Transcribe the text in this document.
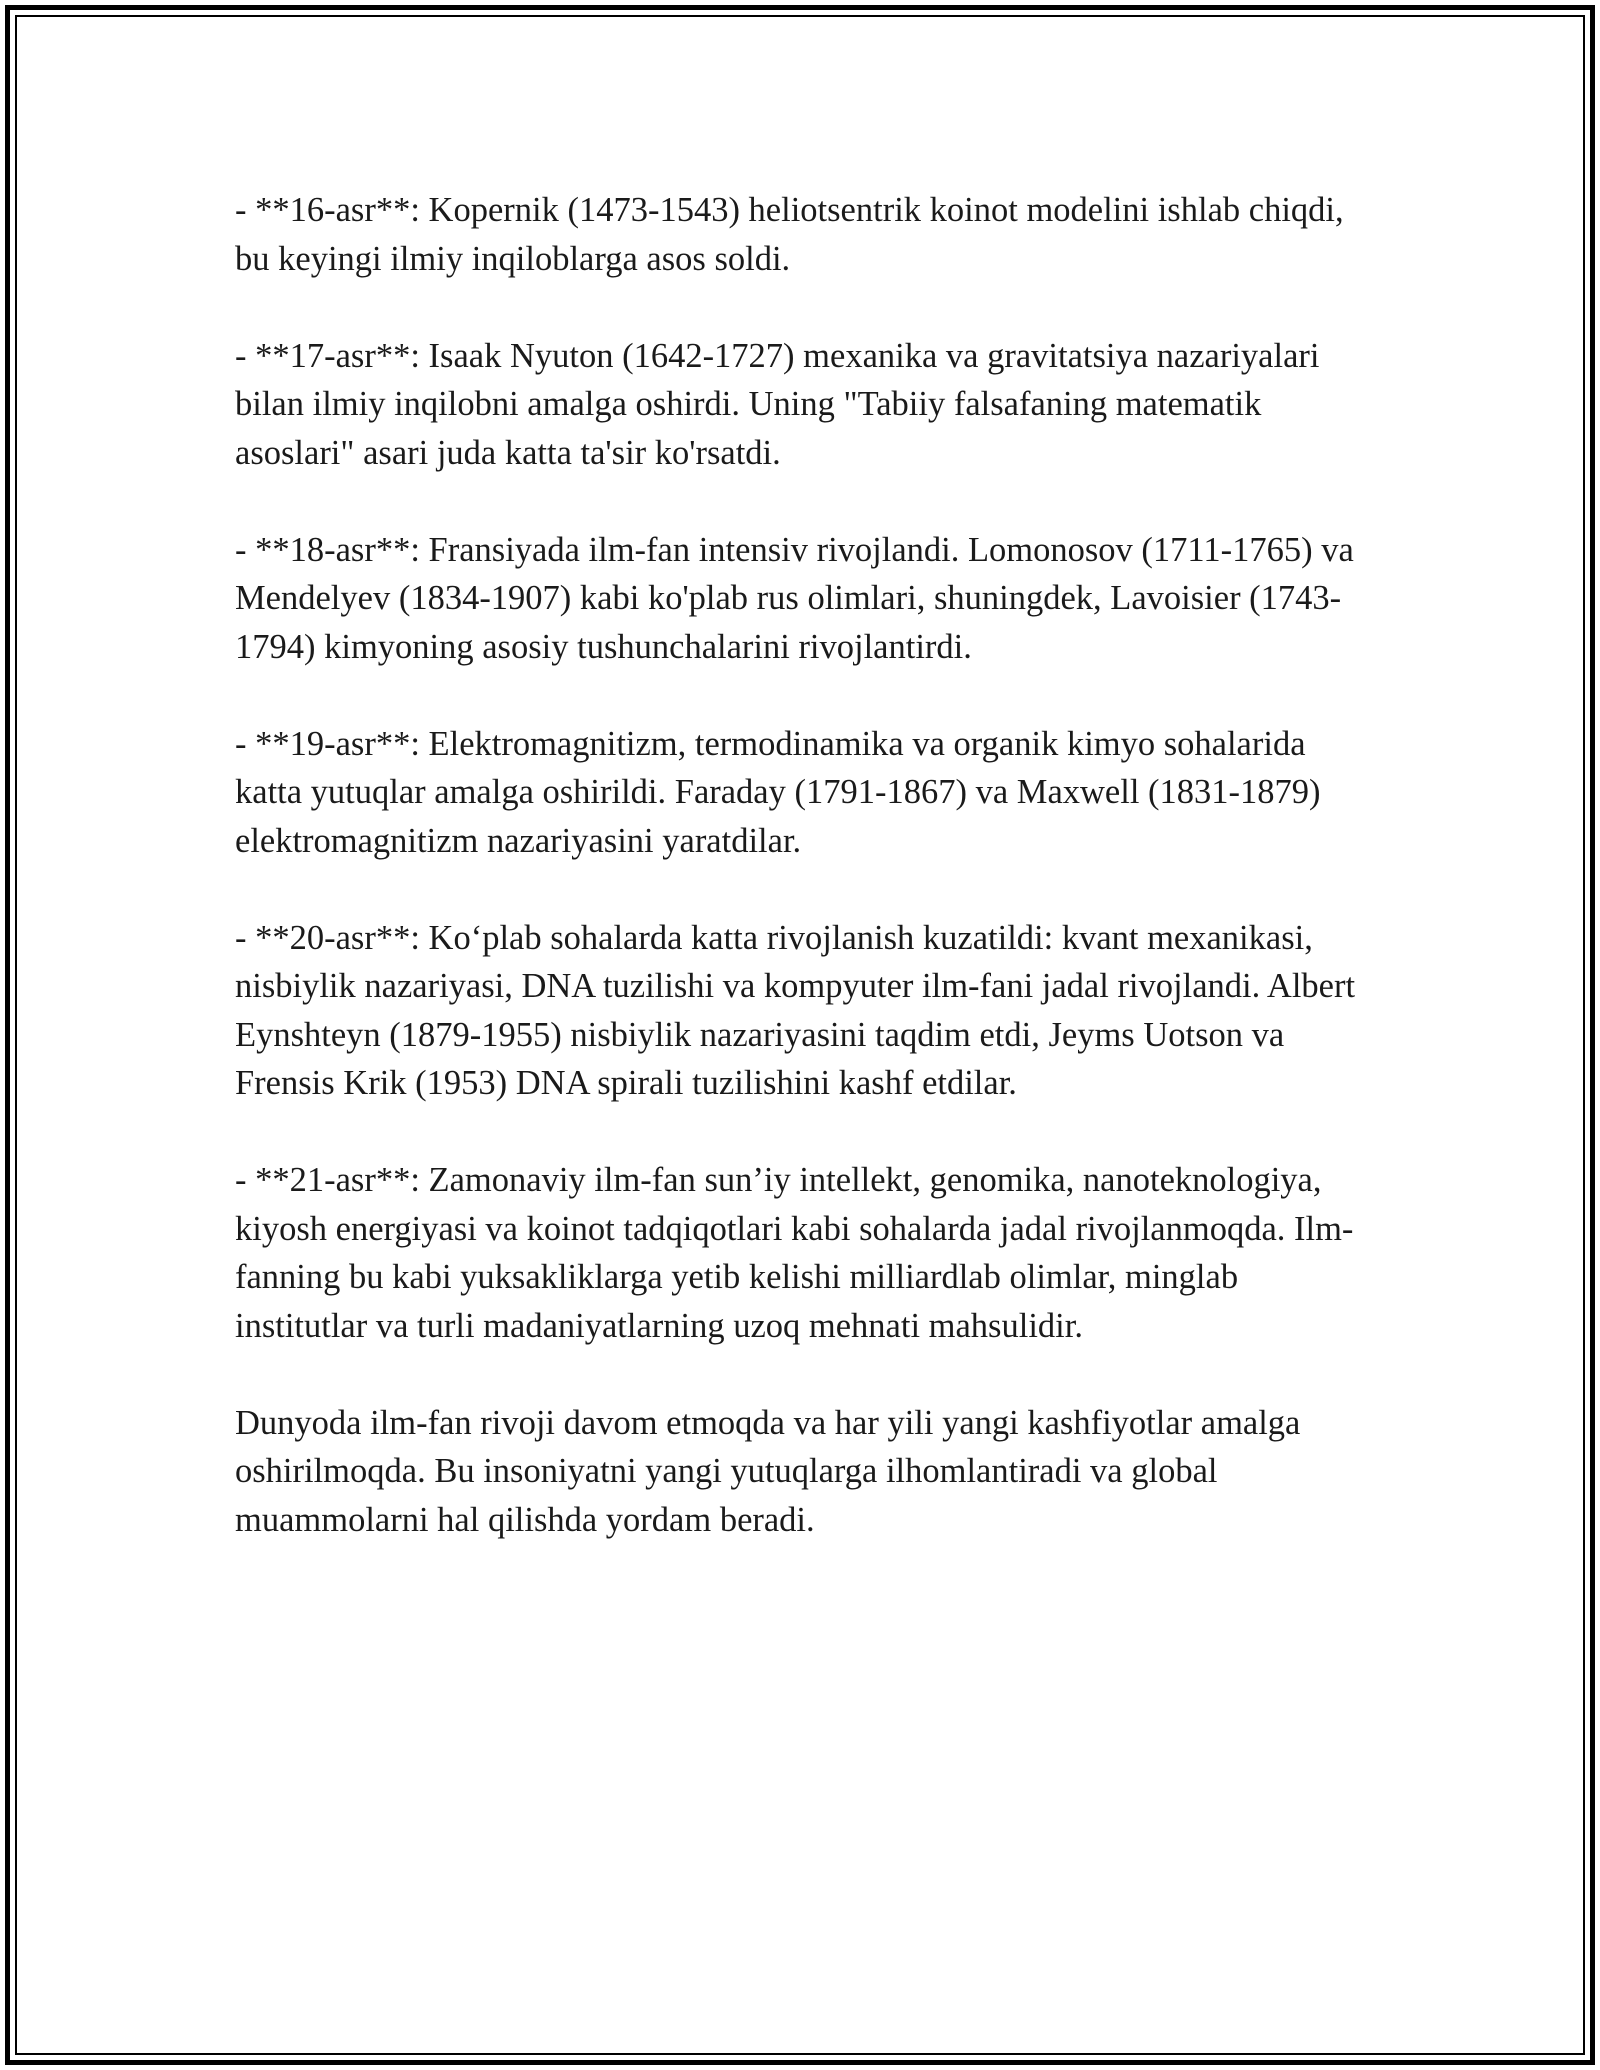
- **16-asr**: Kopernik (1473-1543) heliotsentrik koinot modelini ishlab chiqdi, bu keyingi ilmiy inqiloblarga asos soldi.

- **17-asr**: Isaak Nyuton (1642-1727) mexanika va gravitatsiya nazariyalari bilan ilmiy inqilobni amalga oshirdi. Uning "Tabiiy falsafaning matematik asoslari" asari juda katta ta'sir ko'rsatdi.

- **18-asr**: Fransiyada ilm-fan intensiv rivojlandi. Lomonosov (1711-1765) va Mendelyev (1834-1907) kabi ko'plab rus olimlari, shuningdek, Lavoisier (1743-1794) kimyoning asosiy tushunchalarini rivojlantirdi.

- **19-asr**: Elektromagnitizm, termodinamika va organik kimyo sohalarida katta yutuqlar amalga oshirildi. Faraday (1791-1867) va Maxwell (1831-1879) elektromagnitizm nazariyasini yaratdilar.

- **20-asr**: Ko‘plab sohalarda katta rivojlanish kuzatildi: kvant mexanikasi, nisbiylik nazariyasi, DNA tuzilishi va kompyuter ilm-fani jadal rivojlandi. Albert Eynshteyn (1879-1955) nisbiylik nazariyasini taqdim etdi, Jeyms Uotson va Frensis Krik (1953) DNA spirali tuzilishini kashf etdilar.

- **21-asr**: Zamonaviy ilm-fan sun’iy intellekt, genomika, nanoteknologiya, kiyosh energiyasi va koinot tadqiqotlari kabi sohalarda jadal rivojlanmoqda. Ilm-fanning bu kabi yuksakliklarga yetib kelishi milliardlab olimlar, minglab institutlar va turli madaniyatlarning uzoq mehnati mahsulidir.

Dunyoda ilm-fan rivoji davom etmoqda va har yili yangi kashfiyotlar amalga oshirilmoqda. Bu insoniyatni yangi yutuqlarga ilhomlantiradi va global muammolarni hal qilishda yordam beradi.
